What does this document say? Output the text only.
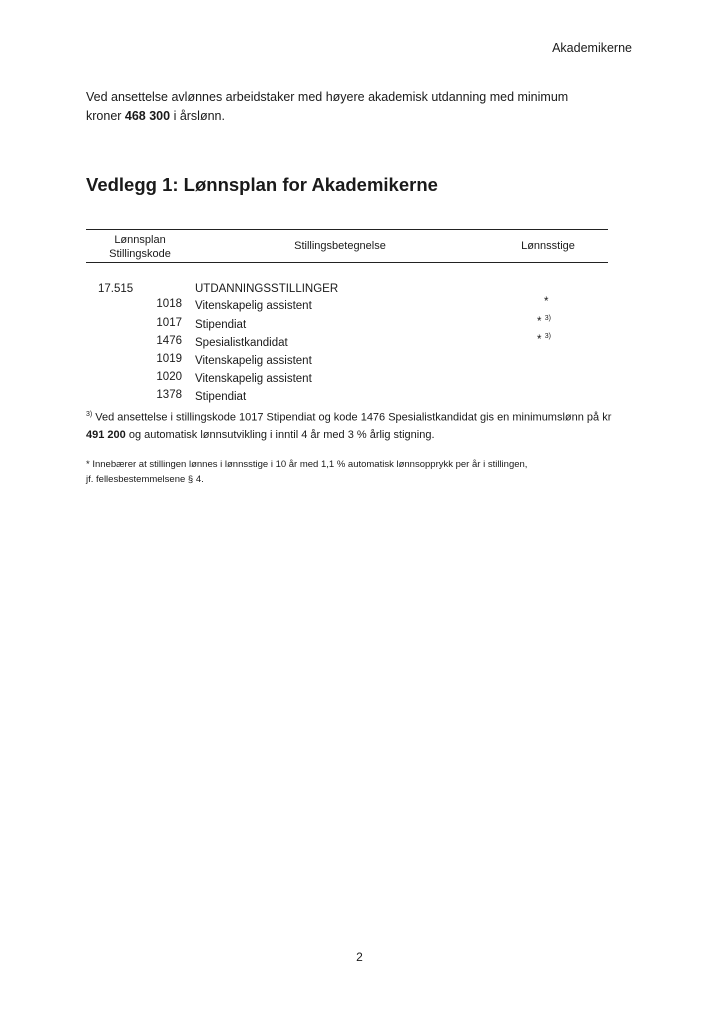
Akademikerne
Ved ansettelse avlønnes arbeidstaker med høyere akademisk utdanning med minimum kroner 468 300 i årslønn.
Vedlegg 1: Lønnsplan for Akademikerne
Lønnsplan
Stillingskode
Stillingsbetegnelse	Lønnsstige
17.515	UTDANNINGSSTILLINGER
1018 Vitenskapelig assistent	*
1017 Stipendiat	* $^{3)}$
1476 Spesialistkandidat	* $^{3)}$
1019 Vitenskapelig assistent
1020 Vitenskapelig assistent
1378 Stipendiat
$^{3)}$ Ved ansettelse i stillingskode 1017 Stipendiat og kode 1476 Spesialistkandidat gis en minimumslønn på kr 491 200 og automatisk lønnsutvikling i inntil 4 år med 3 % årlig stigning.
* Innebærer at stillingen lønnes i lønnsstige i 10 år med 1,1 % automatisk lønnsopprykk per år i stillingen,
jf. fellesbestemmelsene § 4.
2
